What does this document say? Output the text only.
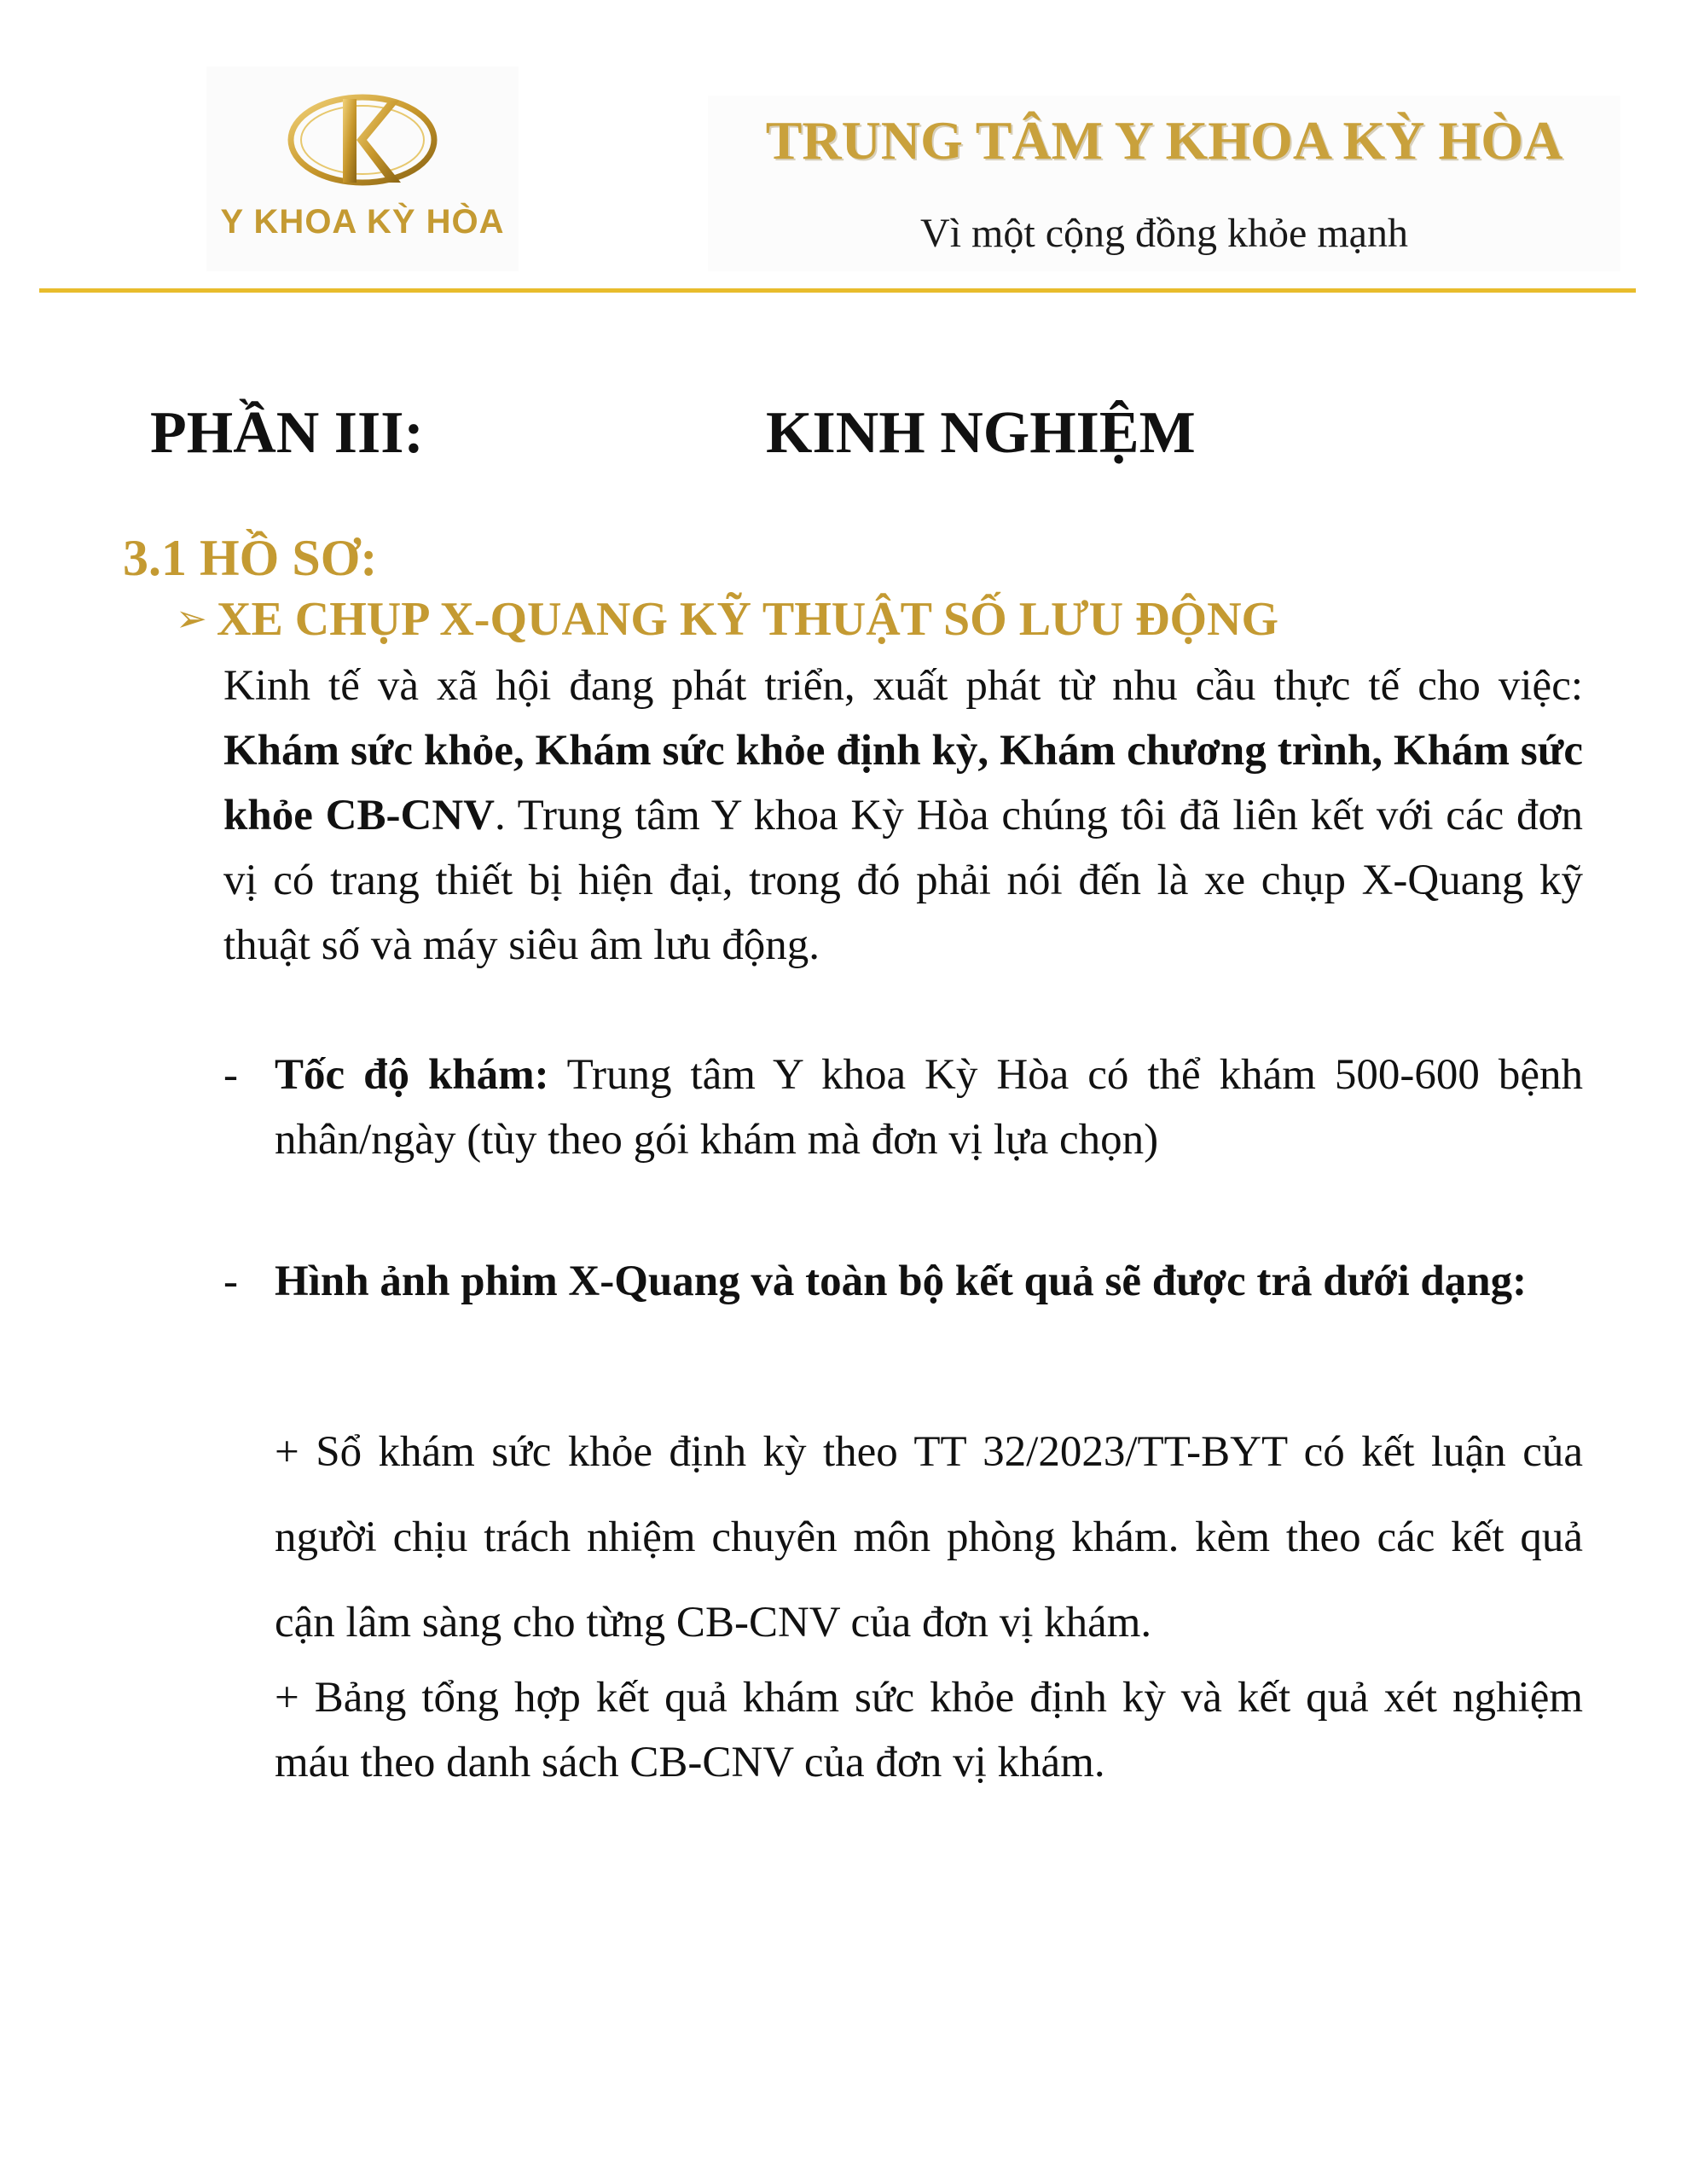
Y KHOA KỲ HÒA
TRUNG TÂM Y KHOA KỲ HÒA
Vì một cộng đồng khỏe mạnh
PHẦN III:	KINH NGHIỆM
3.1 HỒ SƠ:
➢ XE CHỤP X-QUANG KỸ THUẬT SỐ LƯU ĐỘNG

Kinh tế và xã hội đang phát triển, xuất phát từ nhu cầu thực tế cho việc: Khám sức khỏe, Khám sức khỏe định kỳ, Khám chương trình, Khám sức khỏe CB-CNV. Trung tâm Y khoa Kỳ Hòa chúng tôi đã liên kết với các đơn vị có trang thiết bị hiện đại, trong đó phải nói đến là xe chụp X-Quang kỹ thuật số và máy siêu âm lưu động.

- Tốc độ khám: Trung tâm Y khoa Kỳ Hòa có thể khám 500-600 bệnh nhân/ngày (tùy theo gói khám mà đơn vị lựa chọn)
- Hình ảnh phim X-Quang và toàn bộ kết quả sẽ được trả dưới dạng:

+ Sổ khám sức khỏe định kỳ theo TT 32/2023/TT-BYT có kết luận của người chịu trách nhiệm chuyên môn phòng khám. kèm theo các kết quả cận lâm sàng cho từng CB-CNV của đơn vị khám.

+ Bảng tổng hợp kết quả khám sức khỏe định kỳ và kết quả xét nghiệm máu theo danh sách CB-CNV của đơn vị khám.
